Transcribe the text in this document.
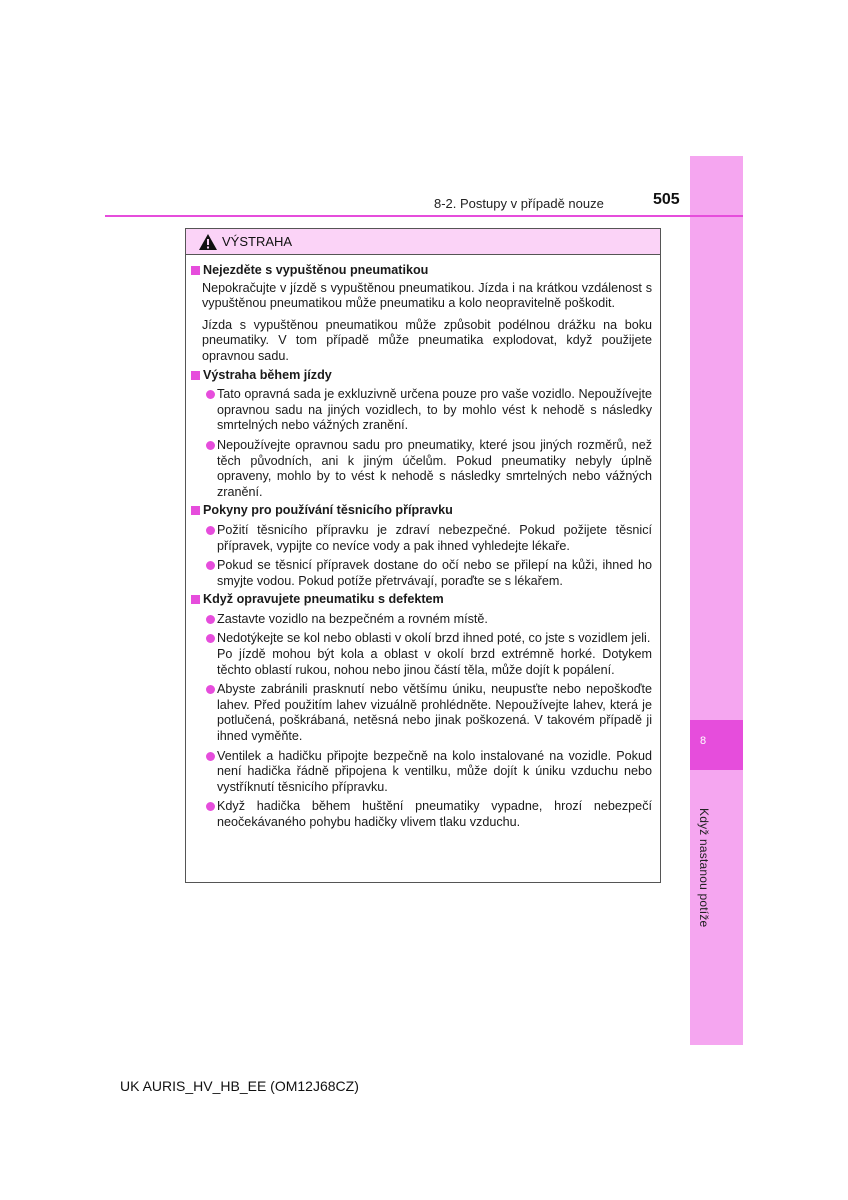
8
Když nastanou potíže
8-2. Postupy v případě nouze	505
VÝSTRAHA
Nejezděte s vypuštěnou pneumatikou
Nepokračujte v jízdě s vypuštěnou pneumatikou. Jízda i na krátkou vzdálenost s vypuštěnou pneumatikou může pneumatiku a kolo neopravitelně poškodit.
Jízda s vypuštěnou pneumatikou může způsobit podélnou drážku na boku pneumatiky. V tom případě může pneumatika explodovat, když použijete opravnou sadu.
Výstraha během jízdy
Tato opravná sada je exkluzivně určena pouze pro vaše vozidlo. Nepoužívejte opravnou sadu na jiných vozidlech, to by mohlo vést k nehodě s následky smrtelných nebo vážných zranění.
Nepoužívejte opravnou sadu pro pneumatiky, které jsou jiných rozměrů, než těch původních, ani k jiným účelům. Pokud pneumatiky nebyly úplně opraveny, mohlo by to vést k nehodě s následky smrtelných nebo vážných zranění.
Pokyny pro používání těsnicího přípravku
Požití těsnicího přípravku je zdraví nebezpečné. Pokud požijete těsnicí přípravek, vypijte co nevíce vody a pak ihned vyhledejte lékaře.
Pokud se těsnicí přípravek dostane do očí nebo se přilepí na kůži, ihned ho smyjte vodou. Pokud potíže přetrvávají, poraďte se s lékařem.
Když opravujete pneumatiku s defektem
Zastavte vozidlo na bezpečném a rovném místě.
Nedotýkejte se kol nebo oblasti v okolí brzd ihned poté, co jste s vozidlem jeli.
Po jízdě mohou být kola a oblast v okolí brzd extrémně horké. Dotykem těchto oblastí rukou, nohou nebo jinou částí těla, může dojít k popálení.
Abyste zabránili prasknutí nebo většímu úniku, neupusťte nebo nepoškoďte lahev. Před použitím lahev vizuálně prohlédněte. Nepoužívejte lahev, která je potlučená, poškrábaná, netěsná nebo jinak poškozená. V takovém případě ji ihned vyměňte.
Ventilek a hadičku připojte bezpečně na kolo instalované na vozidle. Pokud není hadička řádně připojena k ventilku, může dojít k úniku vzduchu nebo vystříknutí těsnicího přípravku.
Když hadička během huštění pneumatiky vypadne, hrozí nebezpečí neočekávaného pohybu hadičky vlivem tlaku vzduchu.
UK AURIS_HV_HB_EE (OM12J68CZ)
